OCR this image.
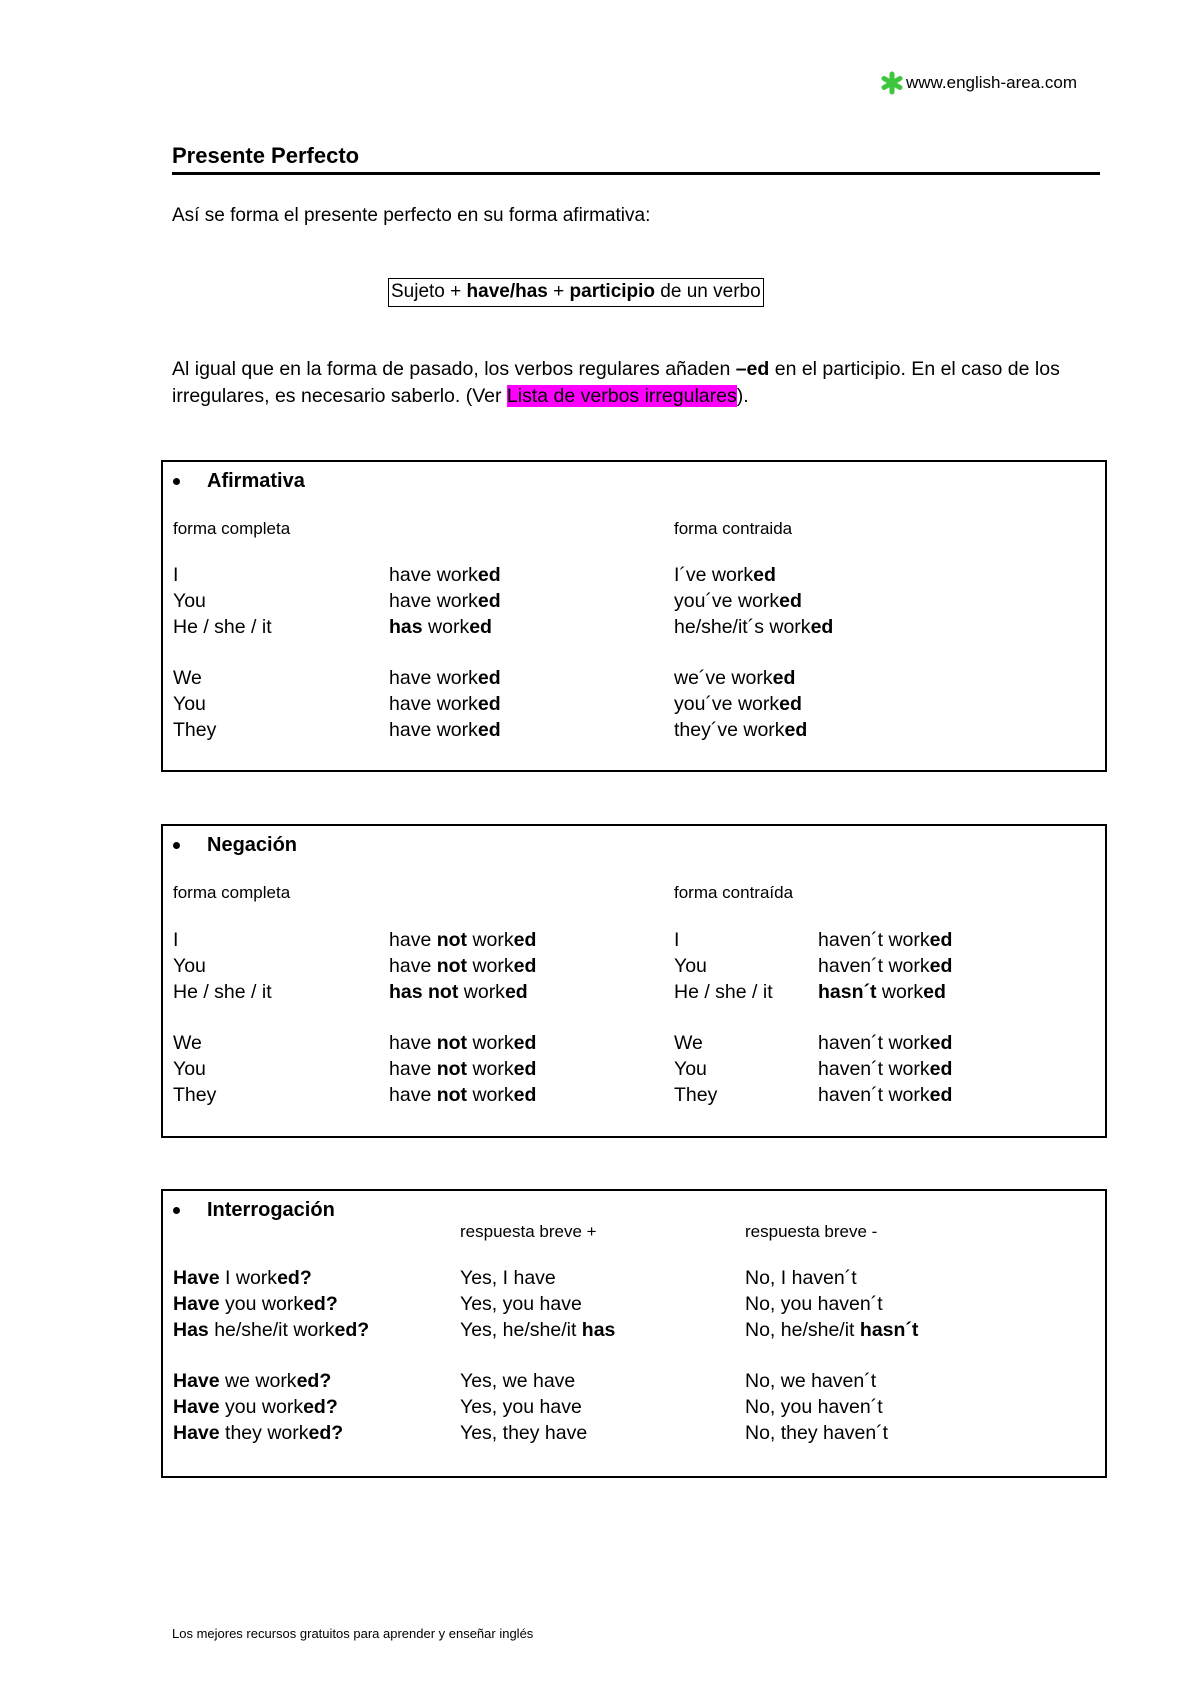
www.english-area.com
Presente Perfecto
Así se forma el presente perfecto en su forma afirmativa:
Sujeto + have/has + participio de un verbo
Al igual que en la forma de pasado, los verbos regulares añaden –ed en el participio. En el caso de los irregulares, es necesario saberlo. (Ver Lista de verbos irregulares).
Afirmativa
forma completa	forma contraida
I	have worked	I´ve worked
You	have worked	you´ve worked
He / she / it	has worked	he/she/it´s worked
We	have worked	we´ve worked
You	have worked	you´ve worked
They	have worked	they´ve worked
Negación
forma completa	forma contraída
I	have not worked	I	haven´t worked
You	have not worked	You	haven´t worked
He / she / it	has not worked	He / she / it	hasn´t worked
We	have not worked	We	haven´t worked
You	have not worked	You	haven´t worked
They	have not worked	They	haven´t worked
Interrogación
respuesta breve +	respuesta breve -
Have I worked?	Yes, I have	No, I haven´t
Have you worked?	Yes, you have	No, you haven´t
Has he/she/it worked?	Yes, he/she/it has	No, he/she/it hasn´t
Have we worked?	Yes, we have	No, we haven´t
Have you worked?	Yes, you have	No, you haven´t
Have they worked?	Yes, they have	No, they haven´t
Los mejores recursos gratuitos para aprender y enseñar inglés
